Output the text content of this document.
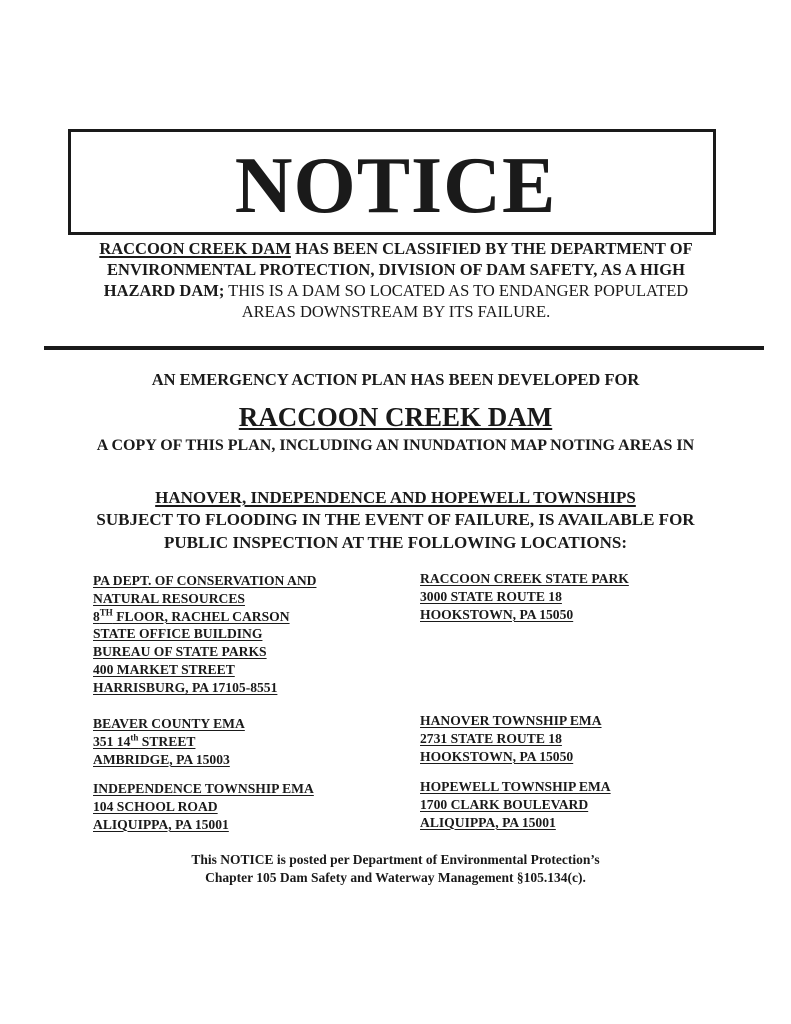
NOTICE
RACCOON CREEK DAM HAS BEEN CLASSIFIED BY THE DEPARTMENT OF ENVIRONMENTAL PROTECTION, DIVISION OF DAM SAFETY, AS A HIGH HAZARD DAM; THIS IS A DAM SO LOCATED AS TO ENDANGER POPULATED AREAS DOWNSTREAM BY ITS FAILURE.
AN EMERGENCY ACTION PLAN HAS BEEN DEVELOPED FOR
RACCOON CREEK DAM
A COPY OF THIS PLAN, INCLUDING AN INUNDATION MAP NOTING AREAS IN
HANOVER, INDEPENDENCE AND HOPEWELL TOWNSHIPS
SUBJECT TO FLOODING IN THE EVENT OF FAILURE, IS AVAILABLE FOR PUBLIC INSPECTION AT THE FOLLOWING LOCATIONS:
PA DEPT. OF CONSERVATION AND
NATURAL RESOURCES
8TH FLOOR, RACHEL CARSON
STATE OFFICE BUILDING
BUREAU OF STATE PARKS
400 MARKET STREET
HARRISBURG, PA 17105-8551
RACCOON CREEK STATE PARK
3000 STATE ROUTE 18
HOOKSTOWN, PA 15050
BEAVER COUNTY EMA
351 14th STREET
AMBRIDGE, PA 15003
HANOVER TOWNSHIP EMA
2731 STATE ROUTE 18
HOOKSTOWN, PA 15050
INDEPENDENCE TOWNSHIP EMA
104 SCHOOL ROAD
ALIQUIPPA, PA 15001
HOPEWELL TOWNSHIP EMA
1700 CLARK BOULEVARD
ALIQUIPPA, PA 15001
This NOTICE is posted per Department of Environmental Protection’s
Chapter 105 Dam Safety and Waterway Management §105.134(c).
